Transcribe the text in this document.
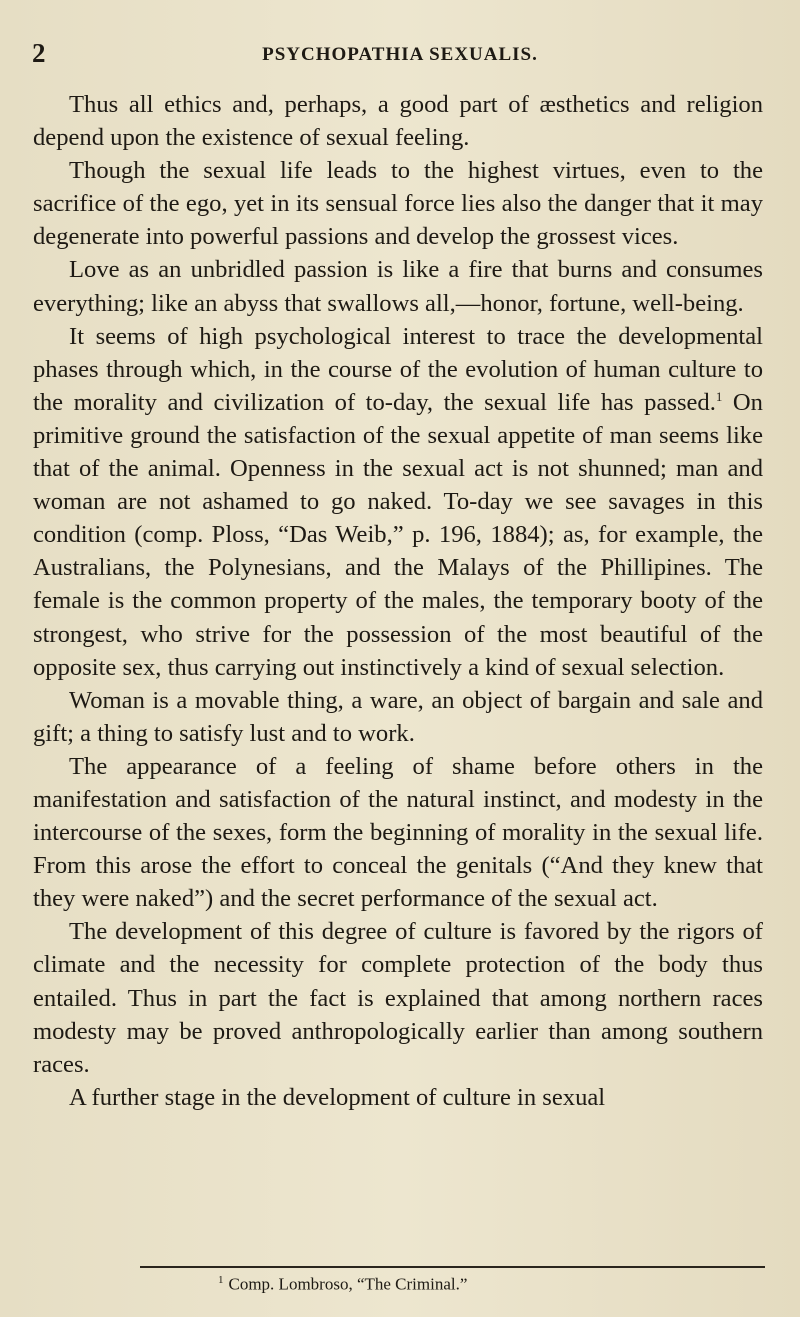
2	PSYCHOPATHIA SEXUALIS.

Thus all ethics and, perhaps, a good part of æsthetics and religion depend upon the existence of sexual feeling.

Though the sexual life leads to the highest virtues, even to the sacrifice of the ego, yet in its sensual force lies also the danger that it may degenerate into powerful passions and develop the grossest vices.

Love as an unbridled passion is like a fire that burns and consumes everything; like an abyss that swallows all,—honor, fortune, well-being.

It seems of high psychological interest to trace the developmental phases through which, in the course of the evolution of human culture to the morality and civilization of to-day, the sexual life has passed.$^1$ On primitive ground the satisfaction of the sexual appetite of man seems like that of the animal. Openness in the sexual act is not shunned; man and woman are not ashamed to go naked. To-day we see savages in this condition (comp. Ploss, “Das Weib,” p. 196, 1884); as, for example, the Australians, the Polynesians, and the Malays of the Phillipines. The female is the common property of the males, the temporary booty of the strongest, who strive for the possession of the most beautiful of the opposite sex, thus carrying out instinctively a kind of sexual selection.

Woman is a movable thing, a ware, an object of bargain and sale and gift; a thing to satisfy lust and to work.

The appearance of a feeling of shame before others in the manifestation and satisfaction of the natural instinct, and modesty in the intercourse of the sexes, form the beginning of morality in the sexual life. From this arose the effort to conceal the genitals (“And they knew that they were naked”) and the secret performance of the sexual act.

The development of this degree of culture is favored by the rigors of climate and the necessity for complete protection of the body thus entailed. Thus in part the fact is explained that among northern races modesty may be proved anthropologically earlier than among southern races.

A further stage in the development of culture in sexual

$^1$ Comp. Lombroso, “The Criminal.”
